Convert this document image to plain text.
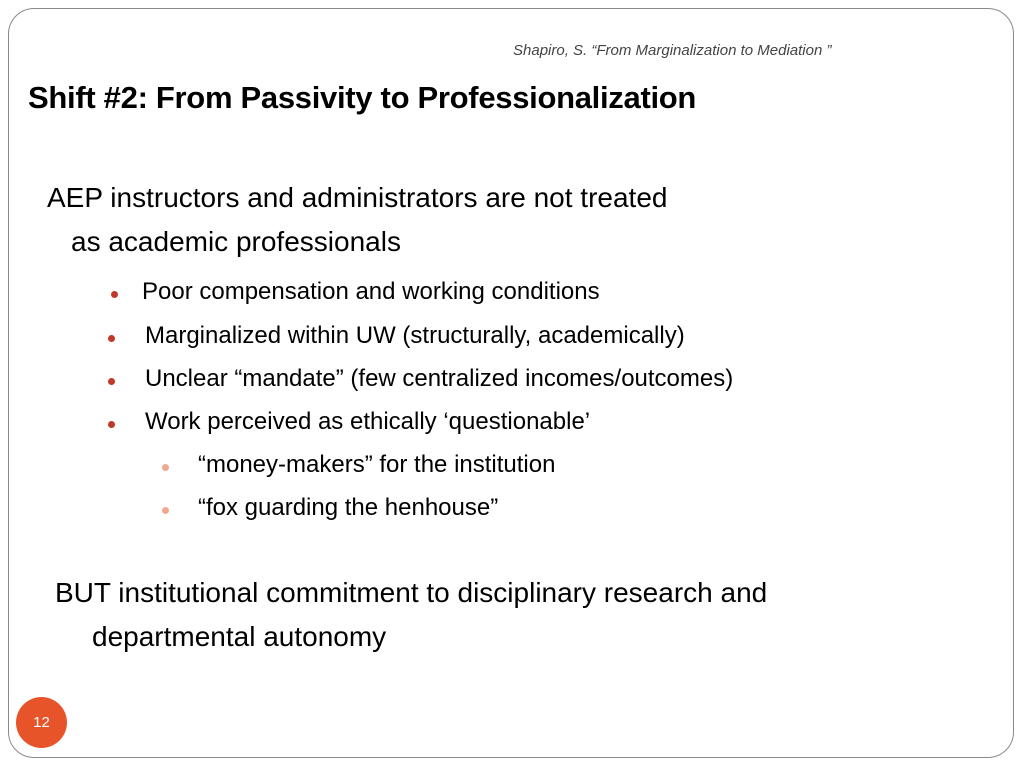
Shapiro, S. “From Marginalization to Mediation ”
Shift #2: From Passivity to Professionalization
AEP instructors and administrators are not treated
as academic professionals
Poor compensation and working conditions
Marginalized within UW (structurally, academically)
Unclear “mandate” (few centralized incomes/outcomes)
Work perceived as ethically ‘questionable’
“money-makers” for the institution
“fox guarding the henhouse”
BUT institutional commitment to disciplinary research and
departmental autonomy
12
